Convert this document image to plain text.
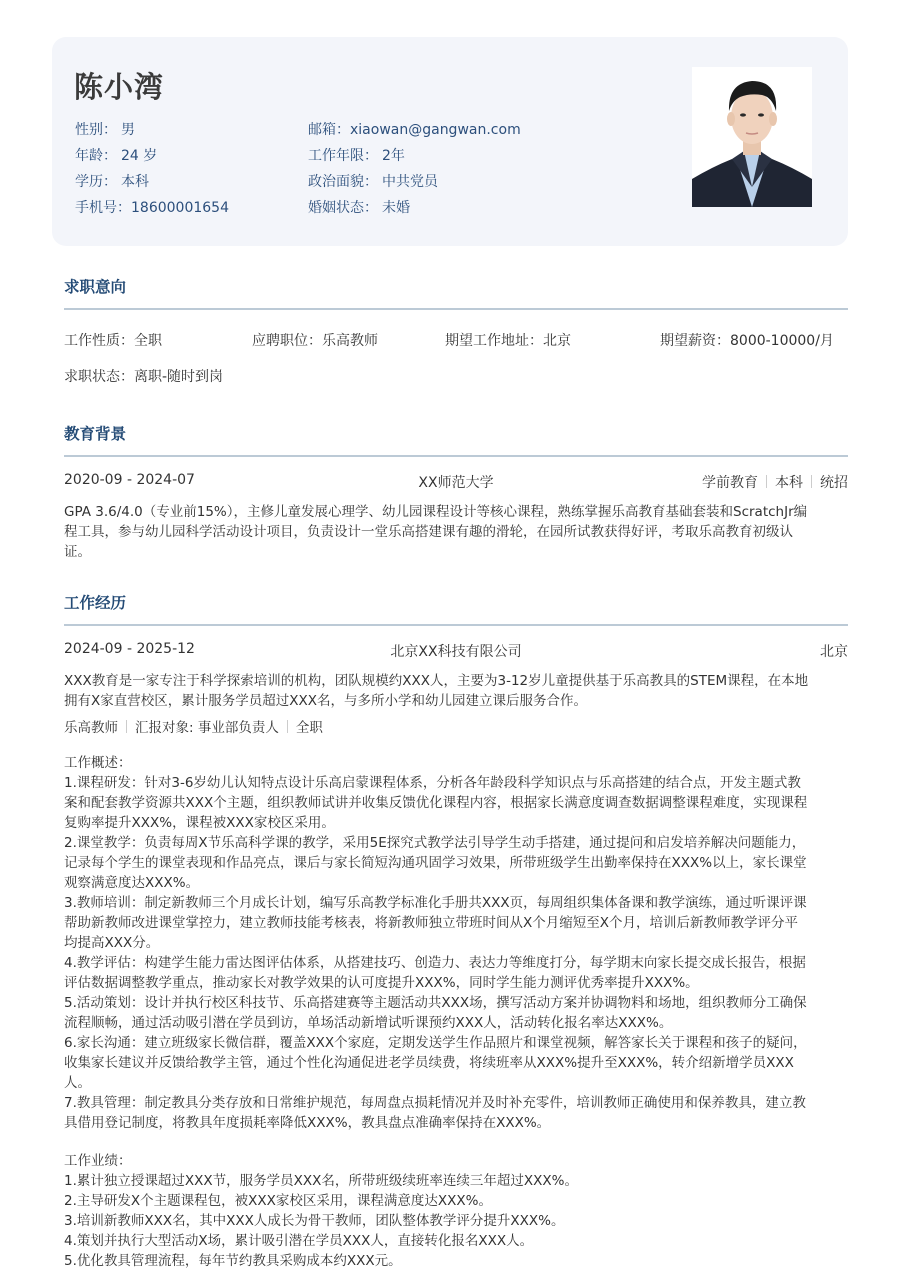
陈小湾
性别： 男
年龄： 24 岁
学历： 本科
手机号：18600001654
邮箱：xiaowan@gangwan.com
工作年限： 2年
政治面貌： 中共党员
婚姻状态： 未婚
求职意向
工作性质：全职	应聘职位：乐高教师	期望工作地址：北京	期望薪资：8000-10000/月
求职状态：离职-随时到岗
教育背景
2020-09 - 2024-07	XX师范大学	学前教育 本科 统招
GPA 3.6/4.0（专业前15%），主修儿童发展心理学、幼儿园课程设计等核心课程，熟练掌握乐高教育基础套装和ScratchJr编
程工具，参与幼儿园科学活动设计项目，负责设计一堂乐高搭建课有趣的滑轮，在园所试教获得好评，考取乐高教育初级认
证。
工作经历
2024-09 - 2025-12	北京XX科技有限公司	北京
XXX教育是一家专注于科学探索培训的机构，团队规模约XXX人，主要为3-12岁儿童提供基于乐高教具的STEM课程，在本地
拥有X家直营校区，累计服务学员超过XXX名，与多所小学和幼儿园建立课后服务合作。
乐高教师 汇报对象: 事业部负责人 全职
工作概述：
1.课程研发：针对3-6岁幼儿认知特点设计乐高启蒙课程体系，分析各年龄段科学知识点与乐高搭建的结合点，开发主题式教
案和配套教学资源共XXX个主题，组织教师试讲并收集反馈优化课程内容，根据家长满意度调查数据调整课程难度，实现课程
复购率提升XXX%，课程被XXX家校区采用。
2.课堂教学：负责每周X节乐高科学课的教学，采用5E探究式教学法引导学生动手搭建，通过提问和启发培养解决问题能力，
记录每个学生的课堂表现和作品亮点，课后与家长简短沟通巩固学习效果，所带班级学生出勤率保持在XXX%以上，家长课堂
观察满意度达XXX%。
3.教师培训：制定新教师三个月成长计划，编写乐高教学标准化手册共XXX页，每周组织集体备课和教学演练，通过听课评课
帮助新教师改进课堂掌控力，建立教师技能考核表，将新教师独立带班时间从X个月缩短至X个月，培训后新教师教学评分平
均提高XXX分。
4.教学评估：构建学生能力雷达图评估体系，从搭建技巧、创造力、表达力等维度打分，每学期末向家长提交成长报告，根据
评估数据调整教学重点，推动家长对教学效果的认可度提升XXX%，同时学生能力测评优秀率提升XXX%。
5.活动策划：设计并执行校区科技节、乐高搭建赛等主题活动共XXX场，撰写活动方案并协调物料和场地，组织教师分工确保
流程顺畅，通过活动吸引潜在学员到访，单场活动新增试听课预约XXX人，活动转化报名率达XXX%。
6.家长沟通：建立班级家长微信群，覆盖XXX个家庭，定期发送学生作品照片和课堂视频，解答家长关于课程和孩子的疑问，
收集家长建议并反馈给教学主管，通过个性化沟通促进老学员续费，将续班率从XXX%提升至XXX%，转介绍新增学员XXX
人。
7.教具管理：制定教具分类存放和日常维护规范，每周盘点损耗情况并及时补充零件，培训教师正确使用和保养教具，建立教
具借用登记制度，将教具年度损耗率降低XXX%，教具盘点准确率保持在XXX%。
工作业绩：
1.累计独立授课超过XXX节，服务学员XXX名，所带班级续班率连续三年超过XXX%。
2.主导研发X个主题课程包，被XXX家校区采用，课程满意度达XXX%。
3.培训新教师XXX名，其中XXX人成长为骨干教师，团队整体教学评分提升XXX%。
4.策划并执行大型活动X场，累计吸引潜在学员XXX人，直接转化报名XXX人。
5.优化教具管理流程，每年节约教具采购成本约XXX元。
